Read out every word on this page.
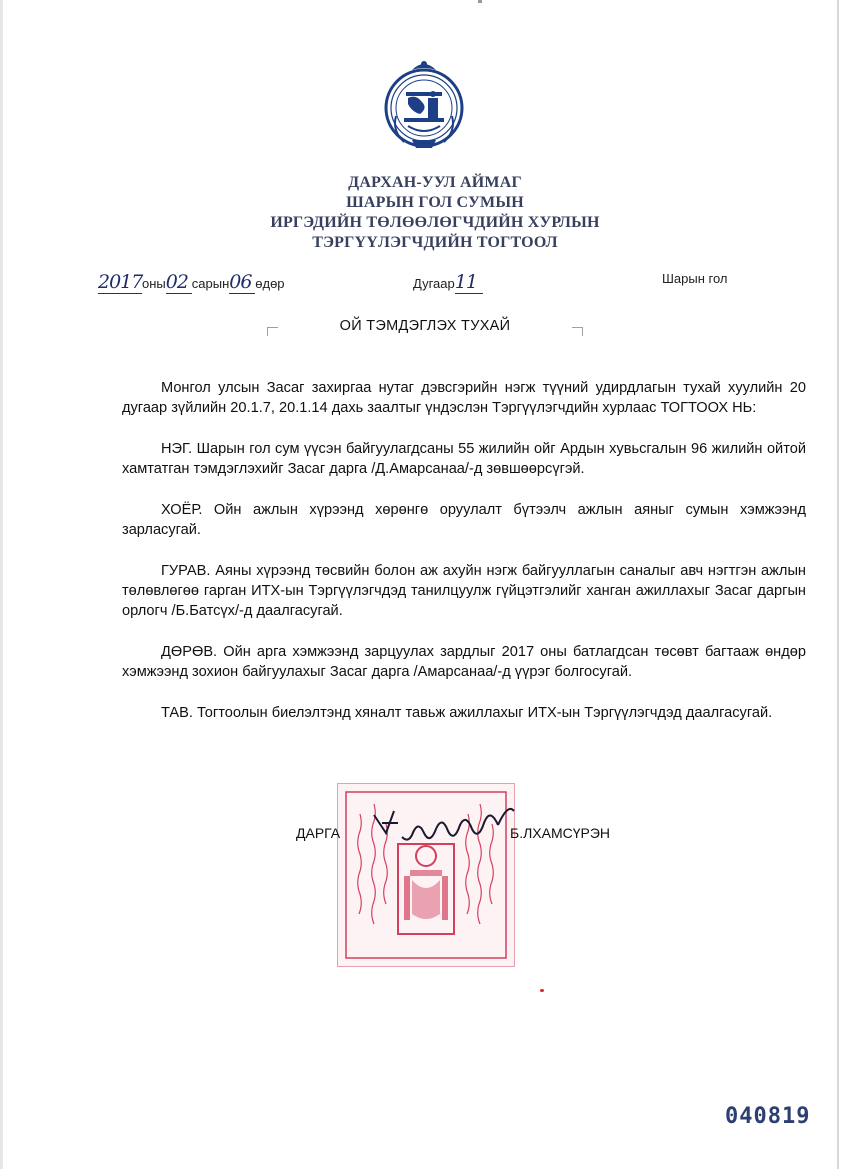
ДАРХАН-УУЛ АЙМАГ
ШАРЫН ГОЛ СУМЫН
ИРГЭДИЙН ТӨЛӨӨЛӨГЧДИЙН ХУРЛЫН
ТЭРГҮҮЛЭГЧДИЙН ТОГТООЛ
2017оны02 сарын06 өдөр	Дугаар11	Шарын гол
ОЙ ТЭМДЭГЛЭХ ТУХАЙ

Монгол улсын Засаг захиргаа нутаг дэвсгэрийн нэгж түүний удирдлагын тухай хуулийн 20 дугаар зүйлийн 20.1.7, 20.1.14 дахь заалтыг үндэслэн Тэргүүлэгчдийн хурлаас ТОГТООХ НЬ:

НЭГ. Шарын гол сум үүсэн байгуулагдсаны 55 жилийн ойг Ардын хувьсгалын 96 жилийн ойтой хамтатган тэмдэглэхийг Засаг дарга /Д.Амарсанаа/-д зөвшөөрсүгэй.

ХОЁР. Ойн ажлын хүрээнд хөрөнгө оруулалт бүтээлч ажлын аяныг сумын хэмжээнд зарласугай.

ГУРАВ. Аяны хүрээнд төсвийн болон аж ахуйн нэгж байгууллагын саналыг авч нэгтгэн ажлын төлөвлөгөө гарган ИТХ-ын Тэргүүлэгчдэд танилцуулж гүйцэтгэлийг ханган ажиллахыг Засаг даргын орлогч /Б.Батсүх/-д даалгасугай.

ДӨРӨВ. Ойн арга хэмжээнд зарцуулах зардлыг 2017 оны батлагдсан төсөвт багтааж өндөр хэмжээнд зохион байгуулахыг Засаг дарга /Амарсанаа/-д үүрэг болгосугай.

ТАВ. Тогтоолын биелэлтэнд хяналт тавьж ажиллахыг ИТХ-ын Тэргүүлэгчдэд даалгасугай.

ДАРГА	Б.ЛХАМСҮРЭН
040819
